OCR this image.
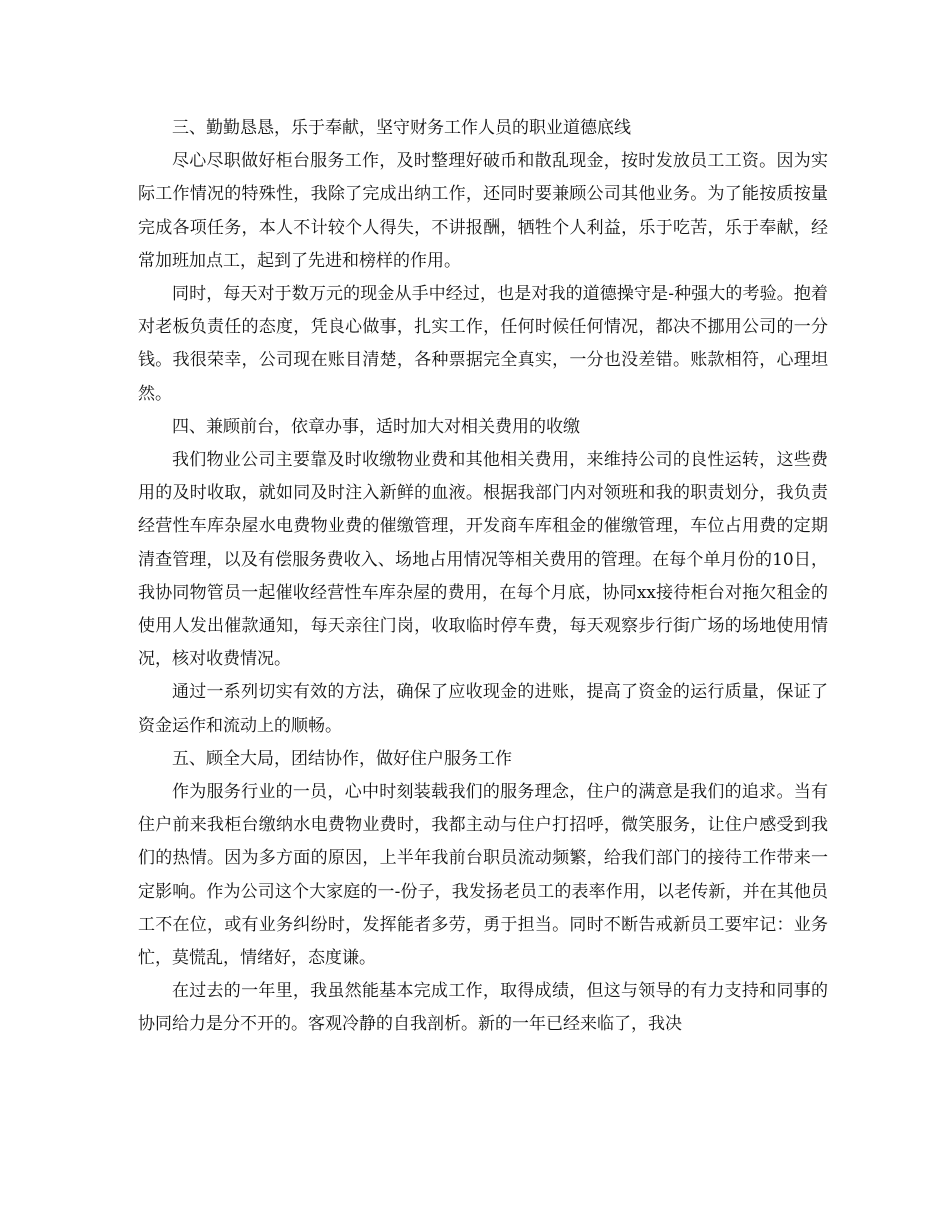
三、勤勤恳恳，乐于奉献，坚守财务工作人员的职业道德底线

尽心尽职做好柜台服务工作，及时整理好破币和散乱现金，按时发放员工工资。因为实际工作情况的特殊性，我除了完成出纳工作，还同时要兼顾公司其他业务。为了能按质按量完成各项任务，本人不计较个人得失，不讲报酬，牺牲个人利益，乐于吃苦，乐于奉献，经常加班加点工，起到了先进和榜样的作用。

同时，每天对于数万元的现金从手中经过，也是对我的道德操守是-种强大的考验。抱着对老板负责任的态度，凭良心做事，扎实工作，任何时候任何情况，都决不挪用公司的一分钱。我很荣幸，公司现在账目清楚，各种票据完全真实，一分也没差错。账款相符，心理坦然。

四、兼顾前台，依章办事，适时加大对相关费用的收缴

我们物业公司主要靠及时收缴物业费和其他相关费用，来维持公司的良性运转，这些费用的及时收取，就如同及时注入新鲜的血液。根据我部门内对领班和我的职责划分，我负责经营性车库杂屋水电费物业费的催缴管理，开发商车库租金的催缴管理，车位占用费的定期清查管理，以及有偿服务费收入、场地占用情况等相关费用的管理。在每个单月份的10日，我协同物管员一起催收经营性车库杂屋的费用，在每个月底，协同xx接待柜台对拖欠租金的使用人发出催款通知，每天亲往门岗，收取临时停车费，每天观察步行街广场的场地使用情况，核对收费情况。

通过一系列切实有效的方法，确保了应收现金的进账，提高了资金的运行质量，保证了资金运作和流动上的顺畅。

五、顾全大局，团结协作，做好住户服务工作

作为服务行业的一员，心中时刻装载我们的服务理念，住户的满意是我们的追求。当有住户前来我柜台缴纳水电费物业费时，我都主动与住户打招呼，微笑服务，让住户感受到我们的热情。因为多方面的原因，上半年我前台职员流动频繁，给我们部门的接待工作带来一定影响。作为公司这个大家庭的一-份子，我发扬老员工的表率作用，以老传新，并在其他员工不在位，或有业务纠纷时，发挥能者多劳，勇于担当。同时不断告戒新员工要牢记：业务忙，莫慌乱，情绪好，态度谦。

在过去的一年里，我虽然能基本完成工作，取得成绩，但这与领导的有力支持和同事的协同给力是分不开的。客观冷静的自我剖析。新的一年已经来临了，我决
